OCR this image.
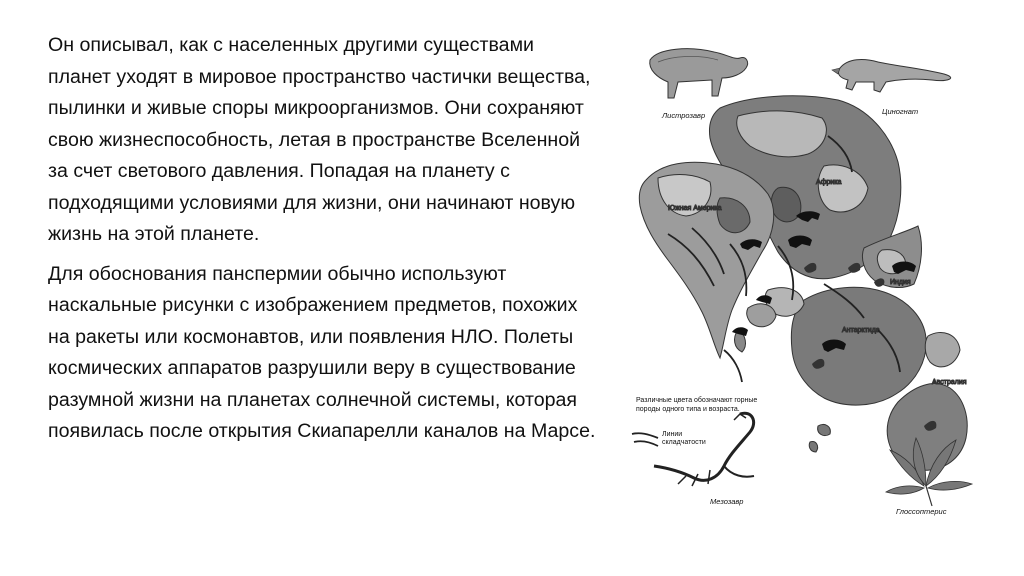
Он описывал, как с населенных другими существами планет уходят в мировое пространство частички вещества, пылинки и живые споры микроорганизмов. Они сохраняют свою жизнеспособность, летая в пространстве Вселенной за счет светового давления. Попадая на планету с подходящими условиями для жизни, они начинают новую жизнь на этой планете.

Для обоснования панспермии обычно используют наскальные рисунки с изображением предметов, похожих на ракеты или космонавтов, или появления НЛО. Полеты космических аппаратов разрушили веру в существование разумной жизни на планетах солнечной системы, которая появилась после открытия Скиапарелли каналов на Марсе.

Листрозавр	Циногнат
Африка
Южная Америка
Индия
Антарктида
Австралия
Различные цвета обозначают горные
породы одного типа и возраста.
Линии
складчатости
Мезозавр
Глоссоптерис
